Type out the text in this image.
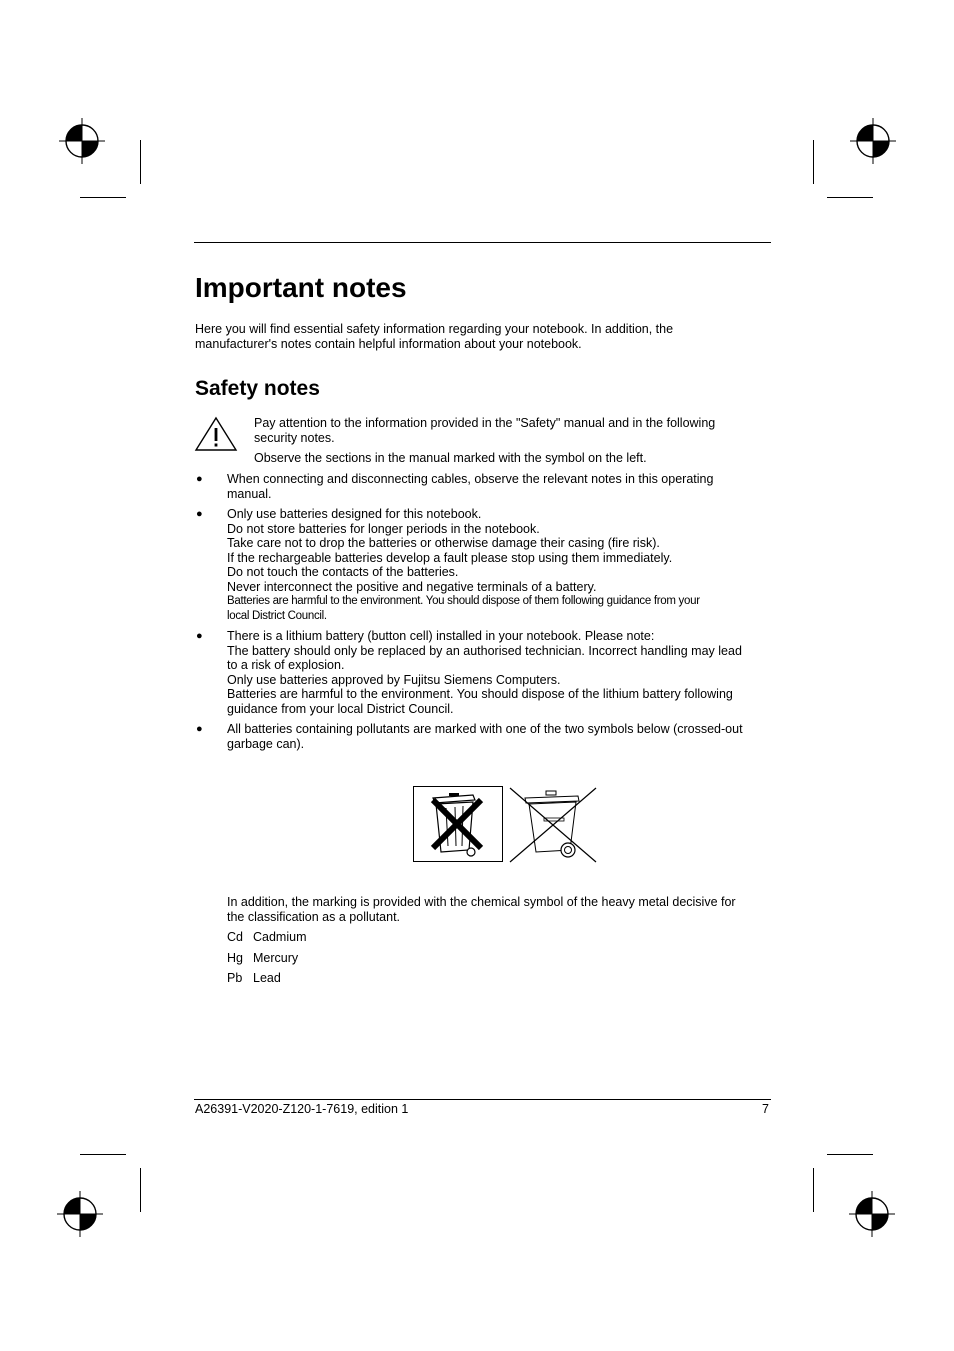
Important notes
Here you will find essential safety information regarding your notebook. In addition, the
manufacturer's notes contain helpful information about your notebook.
Safety notes
Pay attention to the information provided in the "Safety" manual and in the following
security notes.
Observe the sections in the manual marked with the symbol on the left.
● When connecting and disconnecting cables, observe the relevant notes in this operating
manual.
● Only use batteries designed for this notebook.
Do not store batteries for longer periods in the notebook.
Take care not to drop the batteries or otherwise damage their casing (fire risk).
If the rechargeable batteries develop a fault please stop using them immediately.
Do not touch the contacts of the batteries.
Never interconnect the positive and negative terminals of a battery.
Batteries are harmful to the environment. You should dispose of them following guidance from your
local District Council.
● There is a lithium battery (button cell) installed in your notebook. Please note:
The battery should only be replaced by an authorised technician. Incorrect handling may lead
to a risk of explosion.
Only use batteries approved by Fujitsu Siemens Computers.
Batteries are harmful to the environment. You should dispose of the lithium battery following
guidance from your local District Council.
● All batteries containing pollutants are marked with one of the two symbols below (crossed-out
garbage can).
In addition, the marking is provided with the chemical symbol of the heavy metal decisive for
the classification as a pollutant.
Cd Cadmium
Hg Mercury
Pb Lead
A26391-V2020-Z120-1-7619, edition 1	7
